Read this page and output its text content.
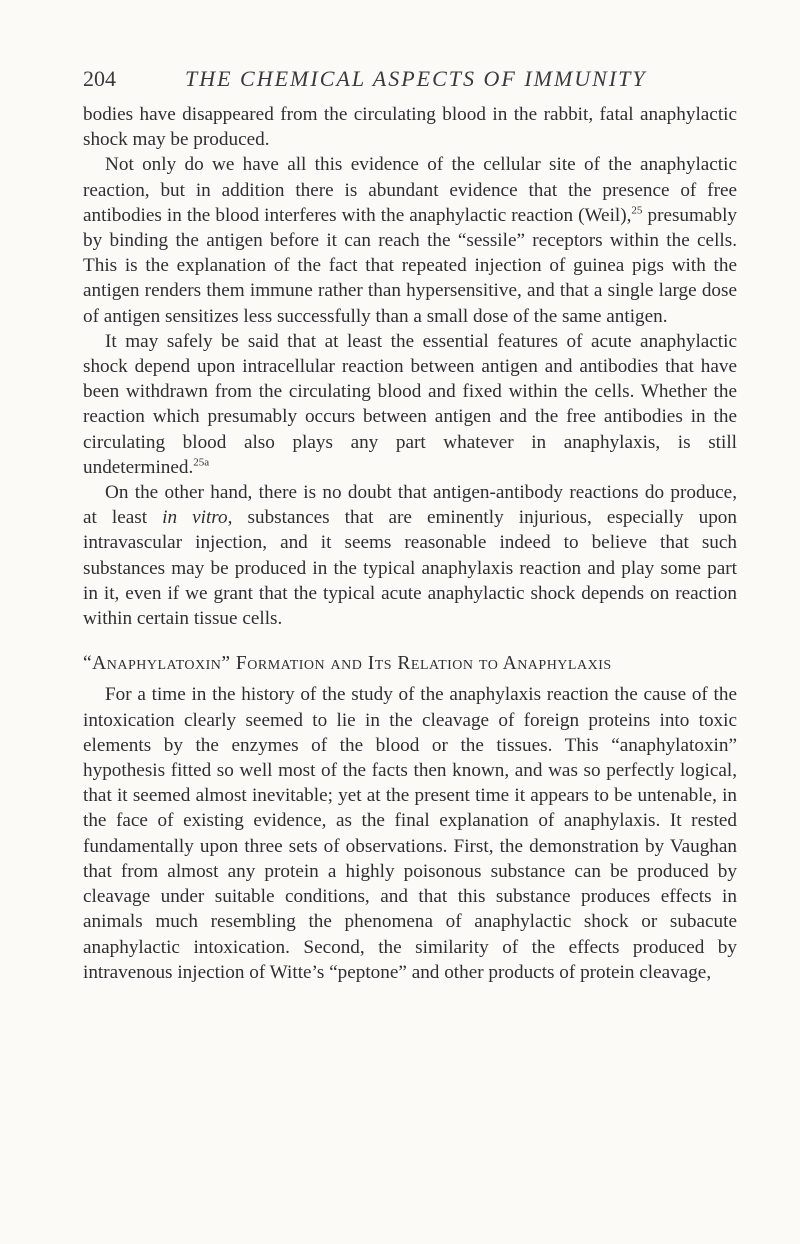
204	THE CHEMICAL ASPECTS OF IMMUNITY

bodies have disappeared from the circulating blood in the rabbit, fatal anaphylactic shock may be produced.

Not only do we have all this evidence of the cellular site of the anaphylactic reaction, but in addition there is abundant evidence that the presence of free antibodies in the blood interferes with the anaphylactic reaction (Weil),$^{25}$ presumably by binding the antigen before it can reach the “sessile” receptors within the cells. This is the explanation of the fact that repeated injection of guinea pigs with the antigen renders them immune rather than hypersensitive, and that a single large dose of antigen sensitizes less successfully than a small dose of the same antigen.

It may safely be said that at least the essential features of acute anaphylactic shock depend upon intracellular reaction between antigen and antibodies that have been withdrawn from the circulating blood and fixed within the cells. Whether the reaction which presumably occurs between antigen and the free antibodies in the circulating blood also plays any part whatever in anaphylaxis, is still undetermined.$^{25a}$

On the other hand, there is no doubt that antigen-antibody reactions do produce, at least in vitro, substances that are eminently injurious, especially upon intravascular injection, and it seems reasonable indeed to believe that such substances may be produced in the typical anaphylaxis reaction and play some part in it, even if we grant that the typical acute anaphylactic shock depends on reaction within certain tissue cells.

“Anaphylatoxin” Formation and Its Relation to Anaphylaxis

For a time in the history of the study of the anaphylaxis reaction the cause of the intoxication clearly seemed to lie in the cleavage of foreign proteins into toxic elements by the enzymes of the blood or the tissues. This “anaphylatoxin” hypothesis fitted so well most of the facts then known, and was so perfectly logical, that it seemed almost inevitable; yet at the present time it appears to be untenable, in the face of existing evidence, as the final explanation of anaphylaxis. It rested fundamentally upon three sets of observations. First, the demonstration by Vaughan that from almost any protein a highly poisonous substance can be produced by cleavage under suitable conditions, and that this substance produces effects in animals much resembling the phenomena of anaphylactic shock or subacute anaphylactic intoxication. Second, the similarity of the effects produced by intravenous injection of Witte’s “peptone” and other products of protein cleavage,
